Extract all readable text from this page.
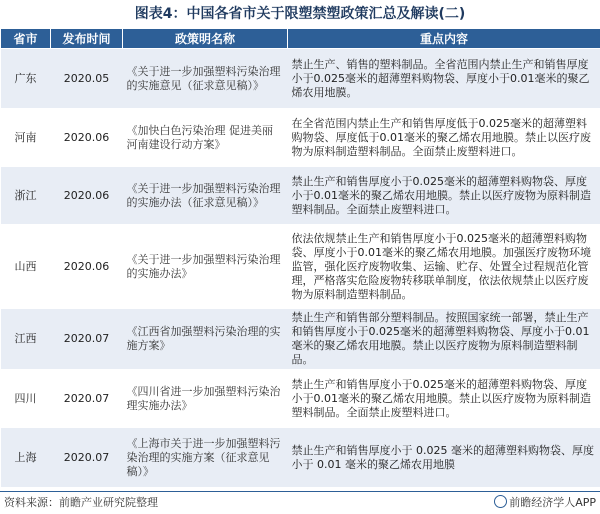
图表4：中国各省市关于限塑禁塑政策汇总及解读(二)
省市	发布时间	政策明名称	重点内容
广东	2020.05	《关于进一步加强塑料污染治理的实施意见（征求意见稿）》	禁止生产、销售的塑料制品。全省范围内禁止生产和销售厚度小于0.025毫米的超薄塑料购物袋、厚度小于0.01毫米的聚乙烯农用地膜。
河南	2020.06	《加快白色污染治理 促进美丽河南建设行动方案》	在全省范围内禁止生产和销售厚度低于0.025毫米的超薄塑料购物袋、厚度低于0.01毫米的聚乙烯农用地膜。禁止以医疗废物为原料制造塑料制品。全面禁止废塑料进口。
浙江	2020.06	《关于进一步加强塑料污染治理的实施办法（征求意见稿）》	禁止生产和销售厚度小于0.025毫米的超薄塑料购物袋、厚度小于0.01毫米的聚乙烯农用地膜。禁止以医疗废物为原料制造塑料制品。全面禁止废塑料进口。
山西	2020.06	《关于进一步加强塑料污染治理的实施办法》	依法依规禁止生产和销售厚度小于0.025毫米的超薄塑料购物袋、厚度小于0.01毫米的聚乙烯农用地膜。加强医疗废物环境监管，强化医疗废物收集、运输、贮存、处置全过程规范化管理，严格落实危险废物转移联单制度，依法依规禁止以医疗废物为原料制造塑料制品。
江西	2020.07	《江西省加强塑料污染治理的实施方案》	禁止生产和销售部分塑料制品。按照国家统一部署，禁止生产和销售厚度小于0.025毫米的超薄塑料购物袋、厚度小于0.01毫米的聚乙烯农用地膜。禁止以医疗废物为原料制造塑料制品。
四川	2020.07	《四川省进一步加强塑料污染治理实施办法》	禁止生产和销售厚度小于0.025毫米的超薄塑料购物袋、厚度小于0.01毫米的聚乙烯农用地膜。禁止以医疗废物为原料制造塑料制品。全面禁止废塑料进口。
上海	2020.07	《上海市关于进一步加强塑料污染治理的实施方案（征求意见稿）》	禁止生产和销售厚度小于 0.025 毫米的超薄塑料购物袋、厚度小于 0.01 毫米的聚乙烯农用地膜
资料来源：前瞻产业研究院整理	前瞻经济学人APP
